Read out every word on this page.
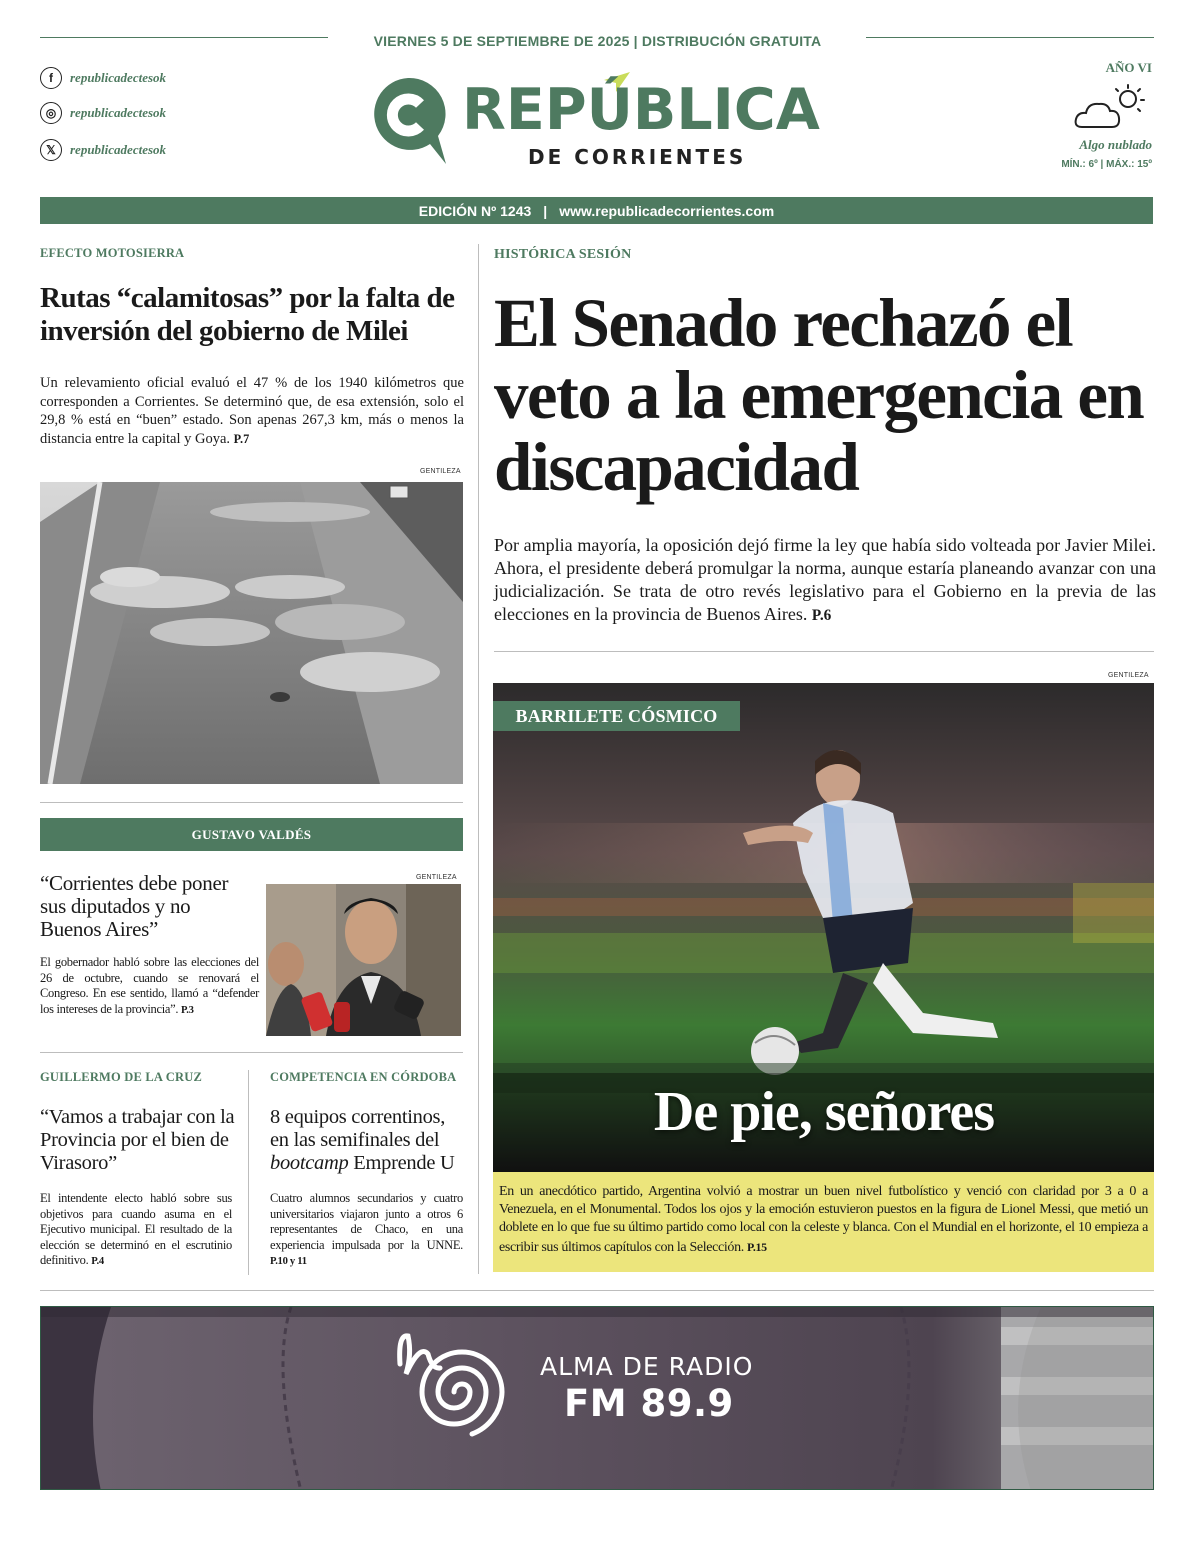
VIERNES 5 DE SEPTIEMBRE DE 2025 | DISTRIBUCIÓN GRATUITA
f	republicadectesok
◎	republicadectesok
𝕏	republicadectesok
REPÚBLICA
DE CORRIENTES
AÑO VI
Algo nublado
MÍN.: 6º | MÁX.: 15º
EDICIÓN Nº 1243 | www.republicadecorrientes.com
EFECTO MOTOSIERRA
Rutas “calamitosas” por la falta de inversión del gobierno de Milei
Un relevamiento oficial evaluó el 47 % de los 1940 kilómetros que corresponden a Corrientes. Se determinó que, de esa extensión, solo el 29,8 % está en “buen” estado. Son apenas 267,3 km, más o menos la distancia entre la capital y Goya. P.7
GENTILEZA
GUSTAVO VALDÉS
“Corrientes debe poner sus diputados y no Buenos Aires”
El gobernador habló sobre las elecciones del 26 de octubre, cuando se renovará el Congreso. En ese sentido, llamó a “defender los intereses de la provincia”. P.3
GENTILEZA
GUILLERMO DE LA CRUZ
“Vamos a trabajar con la Provincia por el bien de Virasoro”
El intendente electo habló sobre sus objetivos para cuando asuma en el Ejecutivo municipal. El resultado de la elección se determinó en el escrutinio definitivo. P.4
COMPETENCIA EN CÓRDOBA
8 equipos correntinos, en las semifinales del bootcamp Emprende U
Cuatro alumnos secundarios y cuatro universitarios viajaron junto a otros 6 representantes de Chaco, en una experiencia impulsada por la UNNE. P.10 y 11
HISTÓRICA SESIÓN
El Senado rechazó el veto a la emergencia en discapacidad
Por amplia mayoría, la oposición dejó firme la ley que había sido volteada por Javier Milei. Ahora, el presidente deberá promulgar la norma, aunque estaría planeando avanzar con una judicialización. Se trata de otro revés legislativo para el Gobierno en la previa de las elecciones en la provincia de Buenos Aires. P.6
GENTILEZA
BARRILETE CÓSMICO
De pie, señores
En un anecdótico partido, Argentina volvió a mostrar un buen nivel futbolístico y venció con claridad por 3 a 0 a Venezuela, en el Monumental. Todos los ojos y la emoción estuvieron puestos en la figura de Lionel Messi, que metió un doblete en lo que fue su último partido como local con la celeste y blanca. Con el Mundial en el horizonte, el 10 empieza a escribir sus últimos capítulos con la Selección. P.15
ALMA DE RADIO
FM 89.9
